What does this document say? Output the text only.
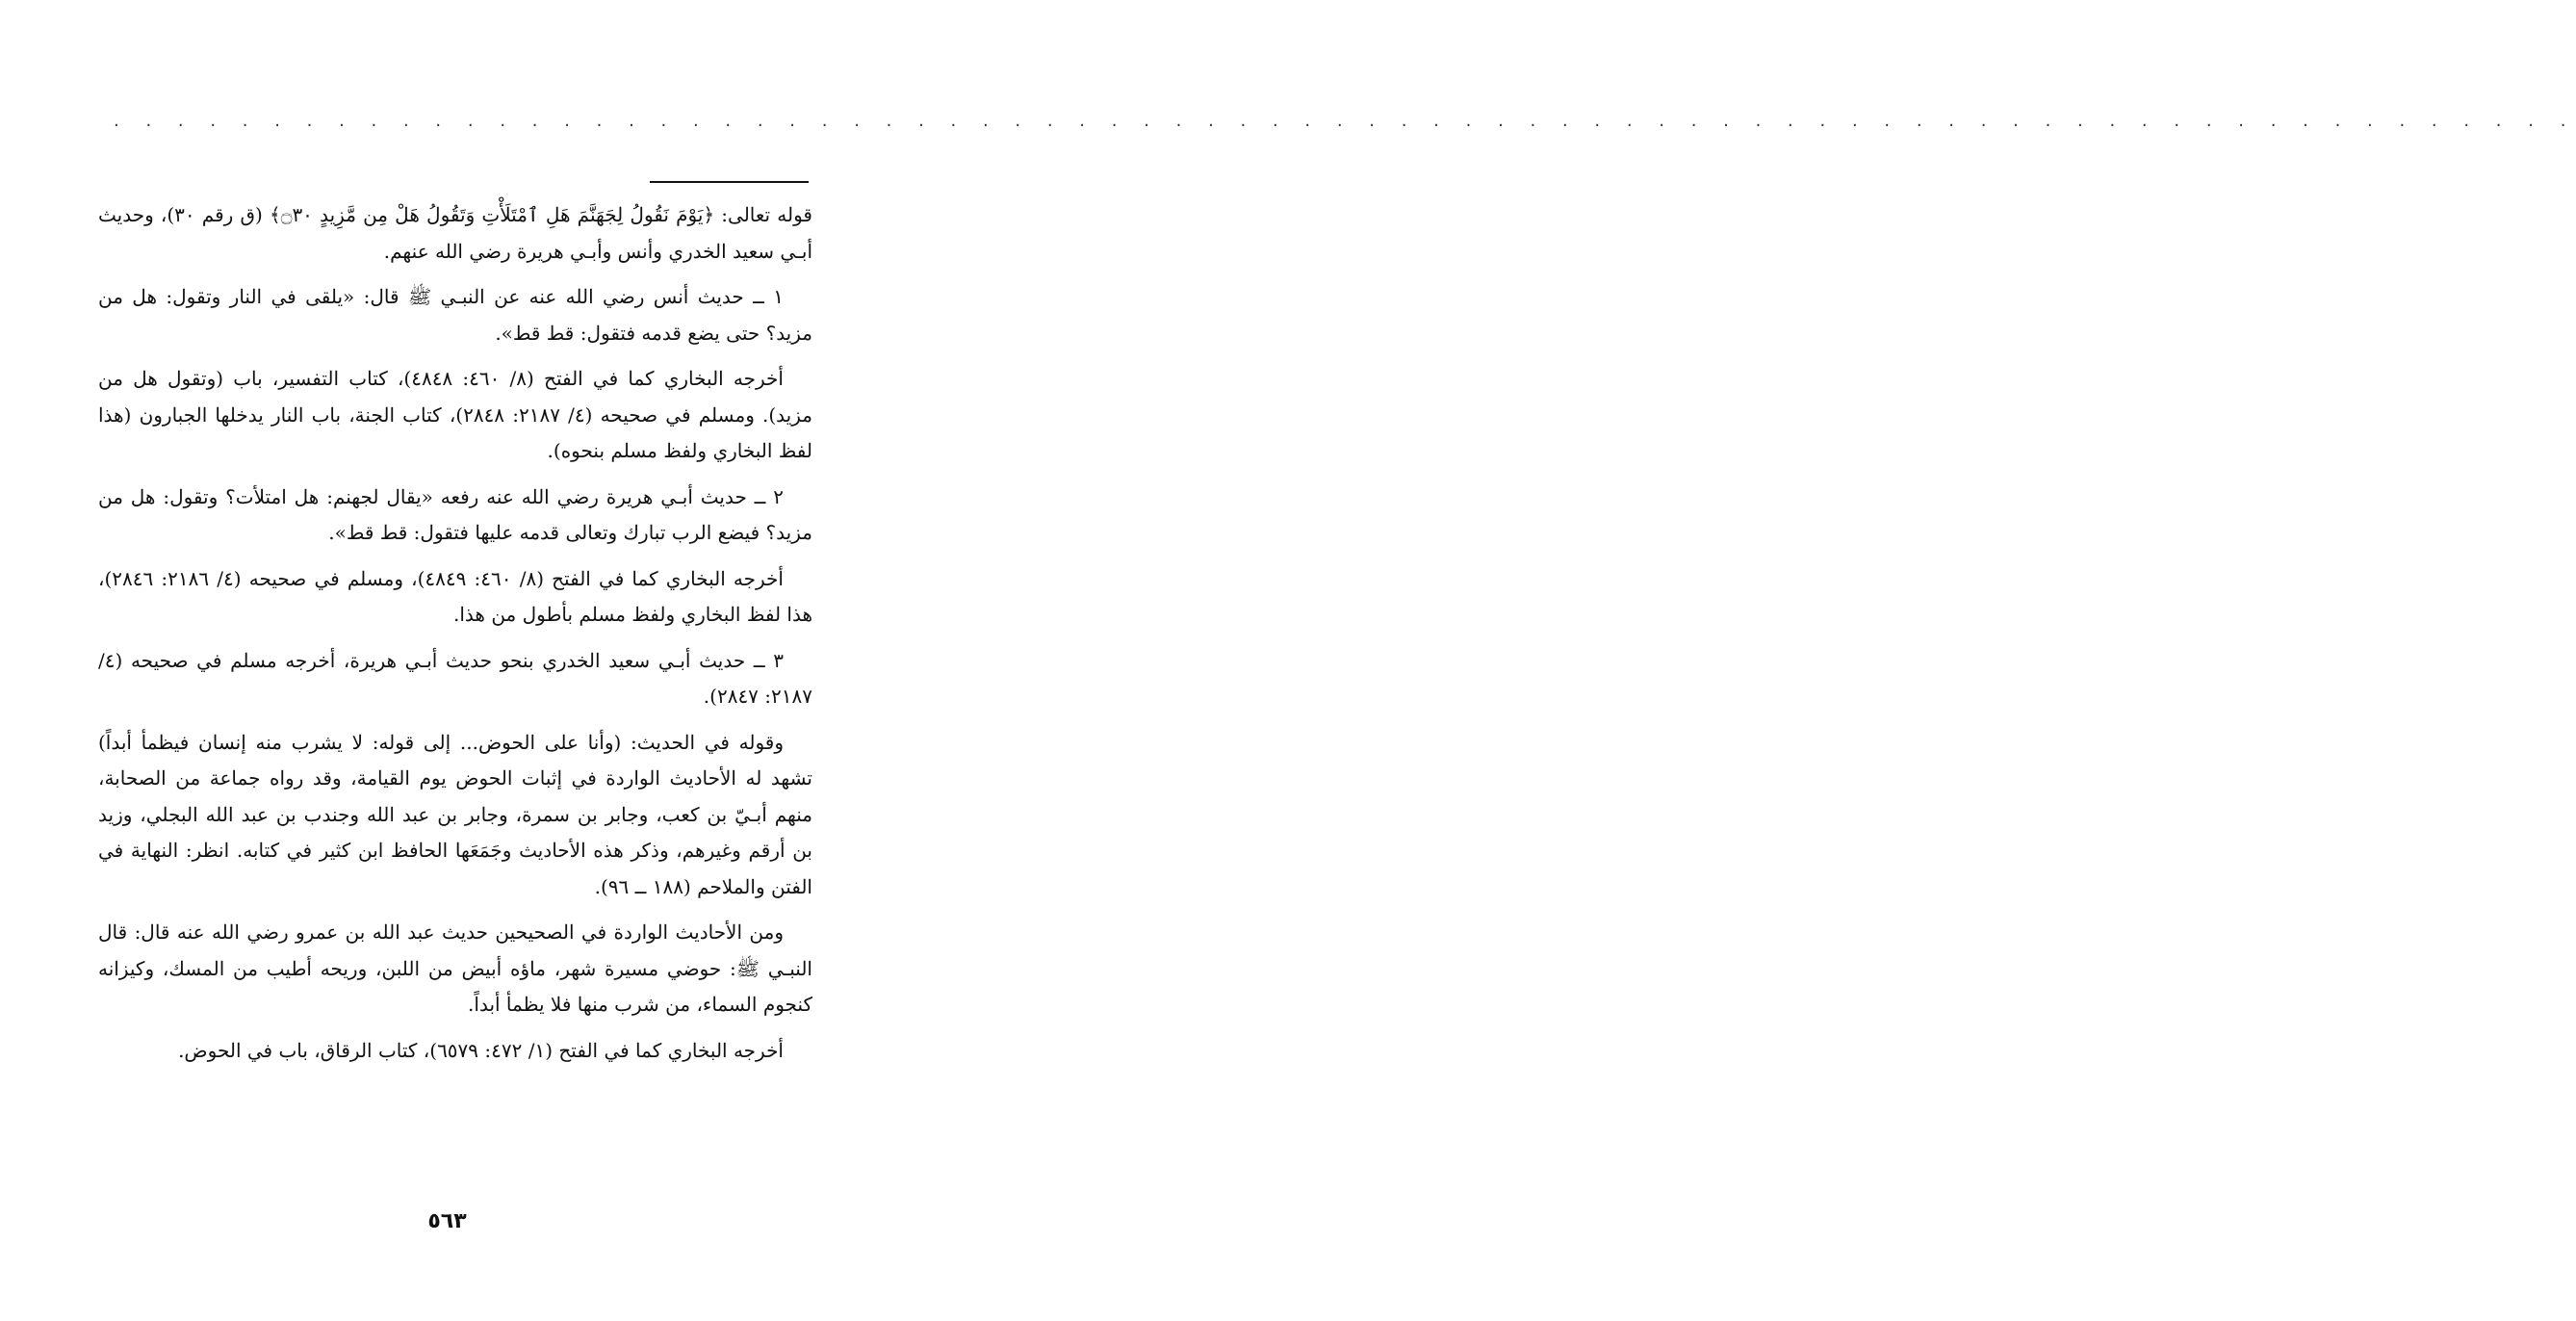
· · · · · · · · · · · · · · · · · · · · · · · · · · · · · · · · · · · · · · · · · · · · · · · · · · · · · · · · · · · · · · · · · · · · · · · · · · · · ·

قوله تعالى: ﴿يَوْمَ نَقُولُ لِجَهَنَّمَ هَلِ ٱمْتَلَأْتِ وَتَقُولُ هَلْ مِن مَّزِيدٍ ۝٣٠﴾ (ق رقم ٣٠)، وحديث أبـي سعيد الخدري وأنس وأبـي هريرة رضي الله عنهم.

١ ــ حديث أنس رضي الله عنه عن النبـي ﷺ قال: «يلقى في النار وتقول: هل من مزيد؟ حتى يضع قدمه فتقول: قط قط».

أخرجه البخاري كما في الفتح (٨/ ٤٦٠: ٤٨٤٨)، كتاب التفسير، باب (وتقول هل من مزيد). ومسلم في صحيحه (٤/ ٢١٨٧: ٢٨٤٨)، كتاب الجنة، باب النار يدخلها الجبارون (هذا لفظ البخاري ولفظ مسلم بنحوه).

٢ ــ حديث أبـي هريرة رضي الله عنه رفعه «يقال لجهنم: هل امتلأت؟ وتقول: هل من مزيد؟ فيضع الرب تبارك وتعالى قدمه عليها فتقول: قط قط».

أخرجه البخاري كما في الفتح (٨/ ٤٦٠: ٤٨٤٩)، ومسلم في صحيحه (٤/ ٢١٨٦: ٢٨٤٦)، هذا لفظ البخاري ولفظ مسلم بأطول من هذا.

٣ ــ حديث أبـي سعيد الخدري بنحو حديث أبـي هريرة، أخرجه مسلم في صحيحه (٤/ ٢١٨٧: ٢٨٤٧).

وقوله في الحديث: (وأنا على الحوض... إلى قوله: لا يشرب منه إنسان فيظمأ أبداً) تشهد له الأحاديث الواردة في إثبات الحوض يوم القيامة، وقد رواه جماعة من الصحابة، منهم أبـيّ بن كعب، وجابر بن سمرة، وجابر بن عبد الله وجندب بن عبد الله البجلي، وزيد بن أرقم وغيرهم، وذكر هذه الأحاديث وجَمَعَها الحافظ ابن كثير في كتابه. انظر: النهاية في الفتن والملاحم (١٨٨ ــ ٩٦).

ومن الأحاديث الواردة في الصحيحين حديث عبد الله بن عمرو رضي الله عنه قال: قال النبـي ﷺ: حوضي مسيرة شهر، ماؤه أبيض من اللبن، وريحه أطيب من المسك، وكيزانه كنجوم السماء، من شرب منها فلا يظمأ أبداً.

أخرجه البخاري كما في الفتح (١/ ٤٧٢: ٦٥٧٩)، كتاب الرقاق، باب في الحوض.

٥٦٣
